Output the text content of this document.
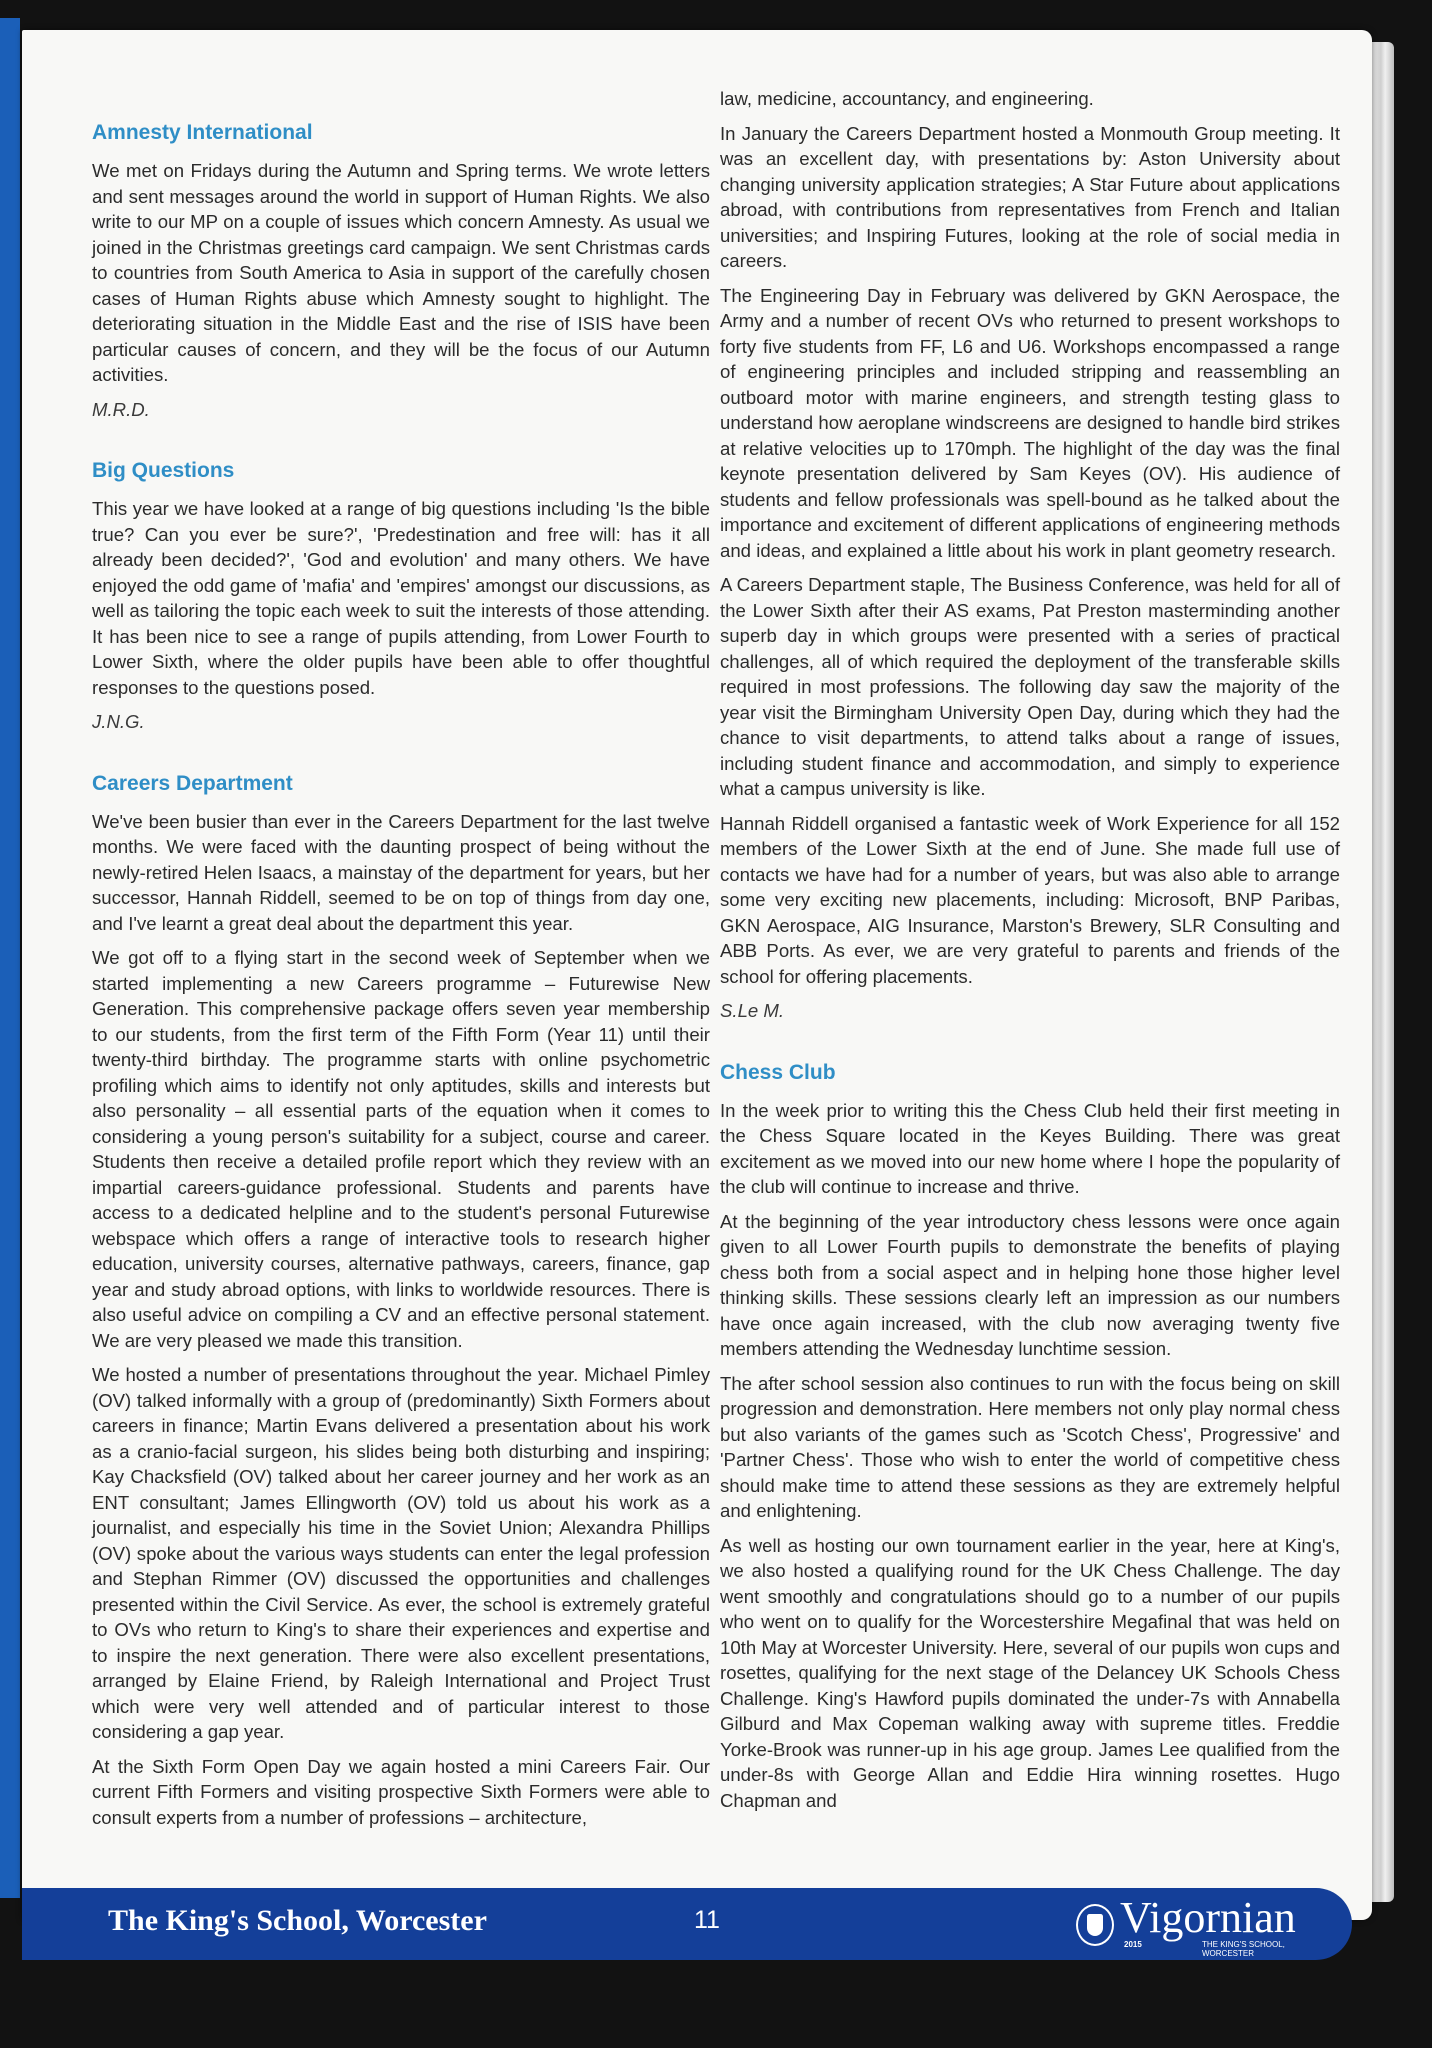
Amnesty International

We met on Fridays during the Autumn and Spring terms. We wrote letters and sent messages around the world in support of Human Rights. We also write to our MP on a couple of issues which concern Amnesty. As usual we joined in the Christmas greetings card campaign. We sent Christmas cards to countries from South America to Asia in support of the carefully chosen cases of Human Rights abuse which Amnesty sought to highlight. The deteriorating situation in the Middle East and the rise of ISIS have been particular causes of concern, and they will be the focus of our Autumn activities.

M.R.D.

Big Questions

This year we have looked at a range of big questions including 'Is the bible true? Can you ever be sure?', 'Predestination and free will: has it all already been decided?', 'God and evolution' and many others. We have enjoyed the odd game of 'mafia' and 'empires' amongst our discussions, as well as tailoring the topic each week to suit the interests of those attending. It has been nice to see a range of pupils attending, from Lower Fourth to Lower Sixth, where the older pupils have been able to offer thoughtful responses to the questions posed.

J.N.G.

Careers Department

We've been busier than ever in the Careers Department for the last twelve months. We were faced with the daunting prospect of being without the newly-retired Helen Isaacs, a mainstay of the department for years, but her successor, Hannah Riddell, seemed to be on top of things from day one, and I've learnt a great deal about the department this year.

We got off to a flying start in the second week of September when we started implementing a new Careers programme – Futurewise New Generation. This comprehensive package offers seven year membership to our students, from the first term of the Fifth Form (Year 11) until their twenty-third birthday. The programme starts with online psychometric profiling which aims to identify not only aptitudes, skills and interests but also personality – all essential parts of the equation when it comes to considering a young person's suitability for a subject, course and career. Students then receive a detailed profile report which they review with an impartial careers-guidance professional. Students and parents have access to a dedicated helpline and to the student's personal Futurewise webspace which offers a range of interactive tools to research higher education, university courses, alternative pathways, careers, finance, gap year and study abroad options, with links to worldwide resources. There is also useful advice on compiling a CV and an effective personal statement. We are very pleased we made this transition.

We hosted a number of presentations throughout the year. Michael Pimley (OV) talked informally with a group of (predominantly) Sixth Formers about careers in finance; Martin Evans delivered a presentation about his work as a cranio-facial surgeon, his slides being both disturbing and inspiring; Kay Chacksfield (OV) talked about her career journey and her work as an ENT consultant; James Ellingworth (OV) told us about his work as a journalist, and especially his time in the Soviet Union; Alexandra Phillips (OV) spoke about the various ways students can enter the legal profession and Stephan Rimmer (OV) discussed the opportunities and challenges presented within the Civil Service. As ever, the school is extremely grateful to OVs who return to King's to share their experiences and expertise and to inspire the next generation. There were also excellent presentations, arranged by Elaine Friend, by Raleigh International and Project Trust which were very well attended and of particular interest to those considering a gap year.

At the Sixth Form Open Day we again hosted a mini Careers Fair. Our current Fifth Formers and visiting prospective Sixth Formers were able to consult experts from a number of professions – architecture,

law, medicine, accountancy, and engineering.

In January the Careers Department hosted a Monmouth Group meeting. It was an excellent day, with presentations by: Aston University about changing university application strategies; A Star Future about applications abroad, with contributions from representatives from French and Italian universities; and Inspiring Futures, looking at the role of social media in careers.

The Engineering Day in February was delivered by GKN Aerospace, the Army and a number of recent OVs who returned to present workshops to forty five students from FF, L6 and U6. Workshops encompassed a range of engineering principles and included stripping and reassembling an outboard motor with marine engineers, and strength testing glass to understand how aeroplane windscreens are designed to handle bird strikes at relative velocities up to 170mph. The highlight of the day was the final keynote presentation delivered by Sam Keyes (OV). His audience of students and fellow professionals was spell-bound as he talked about the importance and excitement of different applications of engineering methods and ideas, and explained a little about his work in plant geometry research.

A Careers Department staple, The Business Conference, was held for all of the Lower Sixth after their AS exams, Pat Preston masterminding another superb day in which groups were presented with a series of practical challenges, all of which required the deployment of the transferable skills required in most professions. The following day saw the majority of the year visit the Birmingham University Open Day, during which they had the chance to visit departments, to attend talks about a range of issues, including student finance and accommodation, and simply to experience what a campus university is like.

Hannah Riddell organised a fantastic week of Work Experience for all 152 members of the Lower Sixth at the end of June. She made full use of contacts we have had for a number of years, but was also able to arrange some very exciting new placements, including: Microsoft, BNP Paribas, GKN Aerospace, AIG Insurance, Marston's Brewery, SLR Consulting and ABB Ports. As ever, we are very grateful to parents and friends of the school for offering placements.

S.Le M.

Chess Club

In the week prior to writing this the Chess Club held their first meeting in the Chess Square located in the Keyes Building. There was great excitement as we moved into our new home where I hope the popularity of the club will continue to increase and thrive.

At the beginning of the year introductory chess lessons were once again given to all Lower Fourth pupils to demonstrate the benefits of playing chess both from a social aspect and in helping hone those higher level thinking skills. These sessions clearly left an impression as our numbers have once again increased, with the club now averaging twenty five members attending the Wednesday lunchtime session.

The after school session also continues to run with the focus being on skill progression and demonstration. Here members not only play normal chess but also variants of the games such as 'Scotch Chess', Progressive' and 'Partner Chess'. Those who wish to enter the world of competitive chess should make time to attend these sessions as they are extremely helpful and enlightening.

As well as hosting our own tournament earlier in the year, here at King's, we also hosted a qualifying round for the UK Chess Challenge. The day went smoothly and congratulations should go to a number of our pupils who went on to qualify for the Worcestershire Megafinal that was held on 10th May at Worcester University. Here, several of our pupils won cups and rosettes, qualifying for the next stage of the Delancey UK Schools Chess Challenge. King's Hawford pupils dominated the under-7s with Annabella Gilburd and Max Copeman walking away with supreme titles. Freddie Yorke-Brook was runner-up in his age group. James Lee qualified from the under-8s with George Allan and Eddie Hira winning rosettes. Hugo Chapman and

The King's School, Worcester	11	Vigornian
2015	THE KING'S SCHOOL, WORCESTER
